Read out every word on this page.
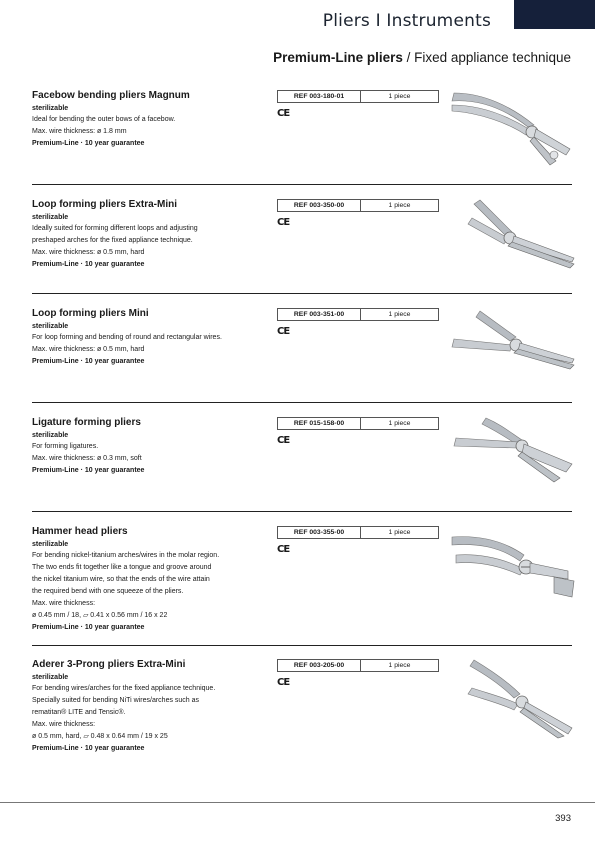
Pliers I Instruments
Premium-Line pliers / Fixed appliance technique
Facebow bending pliers Magnum
sterilizable
Ideal for bending the outer bows of a facebow.
Max. wire thickness: ø 1.8 mm
Premium-Line · 10 year guarantee
REF 003-180-01	1 piece
CE
Loop forming pliers Extra-Mini
sterilizable
Ideally suited for forming different loops and adjusting
preshaped arches for the fixed appliance technique.
Max. wire thickness: ø 0.5 mm, hard
Premium-Line · 10 year guarantee
REF 003-350-00	1 piece
CE
Loop forming pliers Mini
sterilizable
For loop forming and bending of round and rectangular wires.
Max. wire thickness: ø 0.5 mm, hard
Premium-Line · 10 year guarantee
REF 003-351-00	1 piece
CE
Ligature forming pliers
sterilizable
For forming ligatures.
Max. wire thickness: ø 0.3 mm, soft
Premium-Line · 10 year guarantee
REF 015-158-00	1 piece
CE
Hammer head pliers
sterilizable
For bending nickel-titanium arches/wires in the molar region.
The two ends fit together like a tongue and groove around
the nickel titanium wire, so that the ends of the wire attain
the required bend with one squeeze of the pliers.
Max. wire thickness:
ø 0.45 mm / 18, ▱ 0.41 x 0.56 mm / 16 x 22
Premium-Line · 10 year guarantee
REF 003-355-00	1 piece
CE
Aderer 3-Prong pliers Extra-Mini
sterilizable
For bending wires/arches for the fixed appliance technique.
Specially suited for bending NiTi wires/arches such as
rematitan® LITE and Tensic®.
Max. wire thickness:
ø 0.5 mm, hard, ▱ 0.48 x 0.64 mm / 19 x 25
Premium-Line · 10 year guarantee
REF 003-205-00	1 piece
CE
393
